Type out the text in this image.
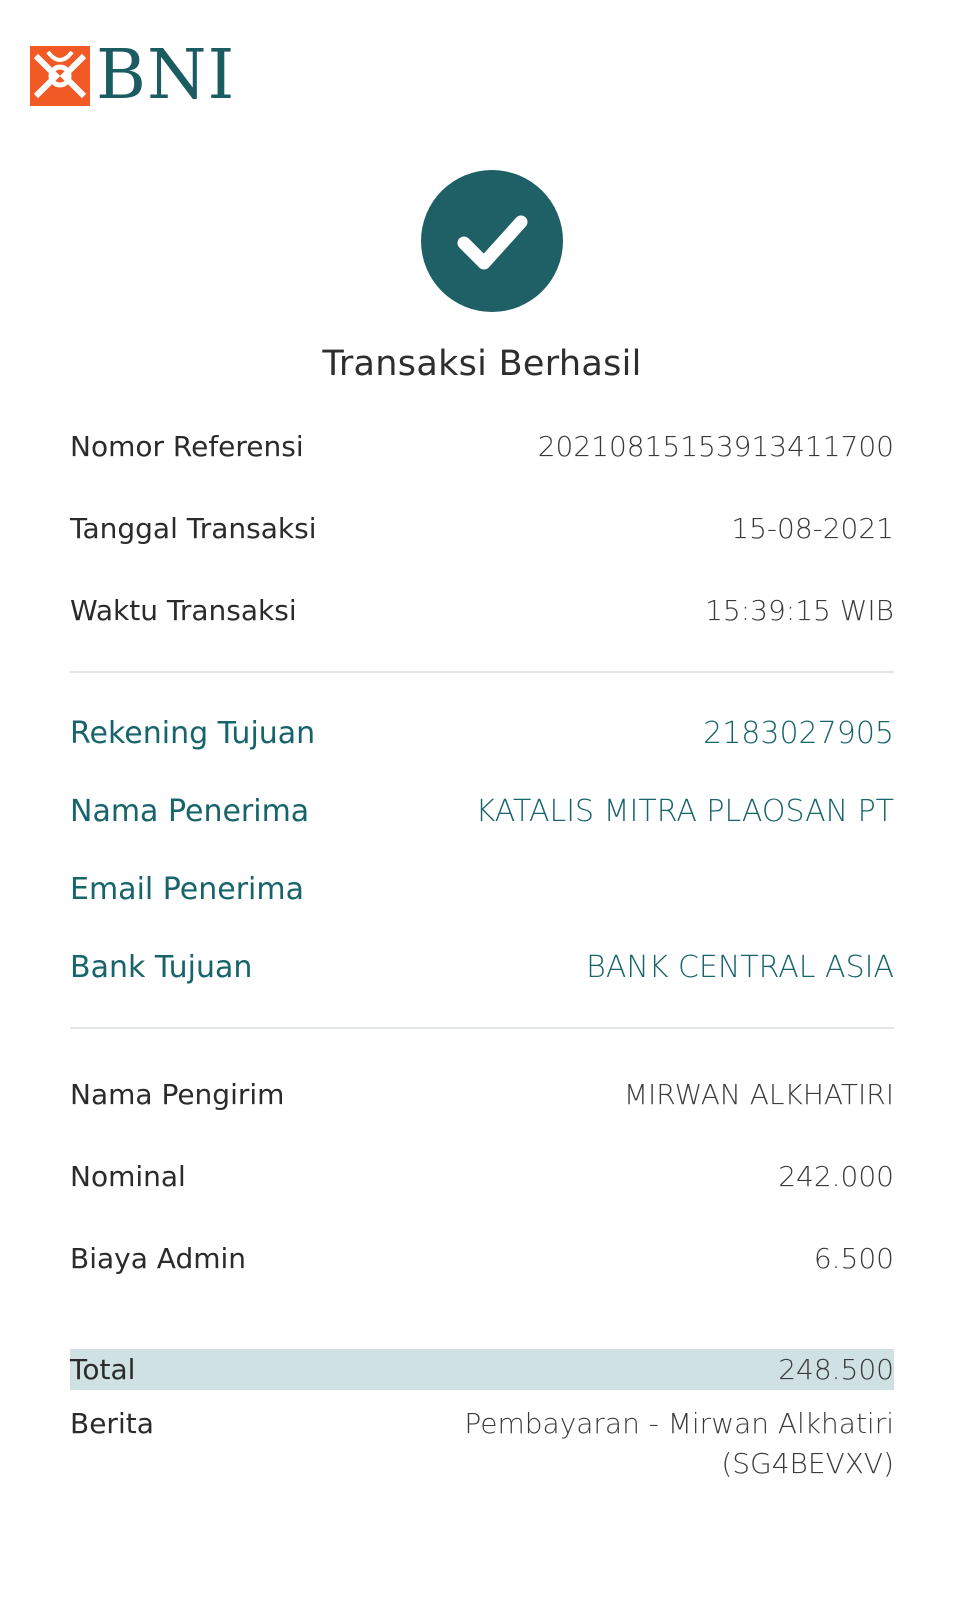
BNI
Transaksi Berhasil
Nomor Referensi	20210815153913411700
Tanggal Transaksi	15-08-2021
Waktu Transaksi	15:39:15 WIB
Rekening Tujuan	2183027905
Nama Penerima	KATALIS MITRA PLAOSAN PT
Email Penerima
Bank Tujuan	BANK CENTRAL ASIA
Nama Pengirim	MIRWAN ALKHATIRI
Nominal	242.000
Biaya Admin	6.500
Total	248.500
Berita	Pembayaran - Mirwan Alkhatiri
(SG4BEVXV)
